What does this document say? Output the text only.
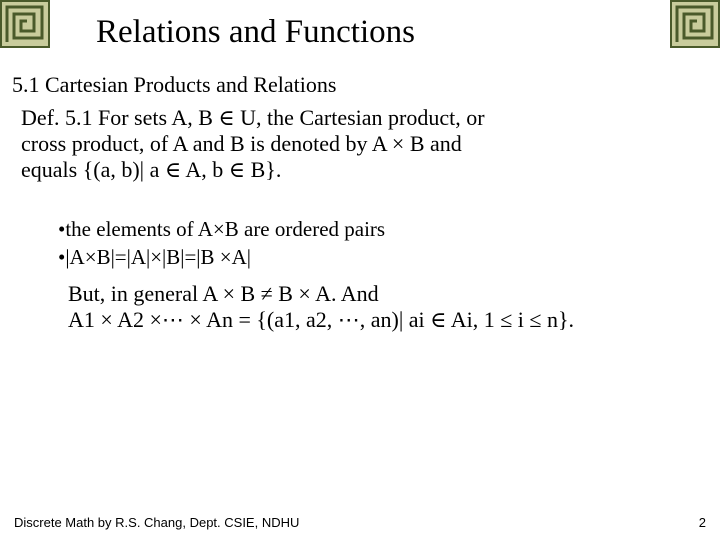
Relations and Functions
5.1 Cartesian Products and Relations
Def. 5.1 For sets A, B ∈ U, the Cartesian product, or
cross product, of A and B is denoted by A × B and
equals {(a, b)| a ∈ A, b ∈ B}.
•the elements of A×B are ordered pairs
•|A×B|=|A|×|B|=|B ×A|
But, in general A × B ≠ B × A. And
A1 × A2 ×⋯ × An = {(a1, a2, ⋯, an)| ai ∈ Ai, 1 ≤ i ≤ n}.
Discrete Math by R.S. Chang, Dept. CSIE, NDHU	2
